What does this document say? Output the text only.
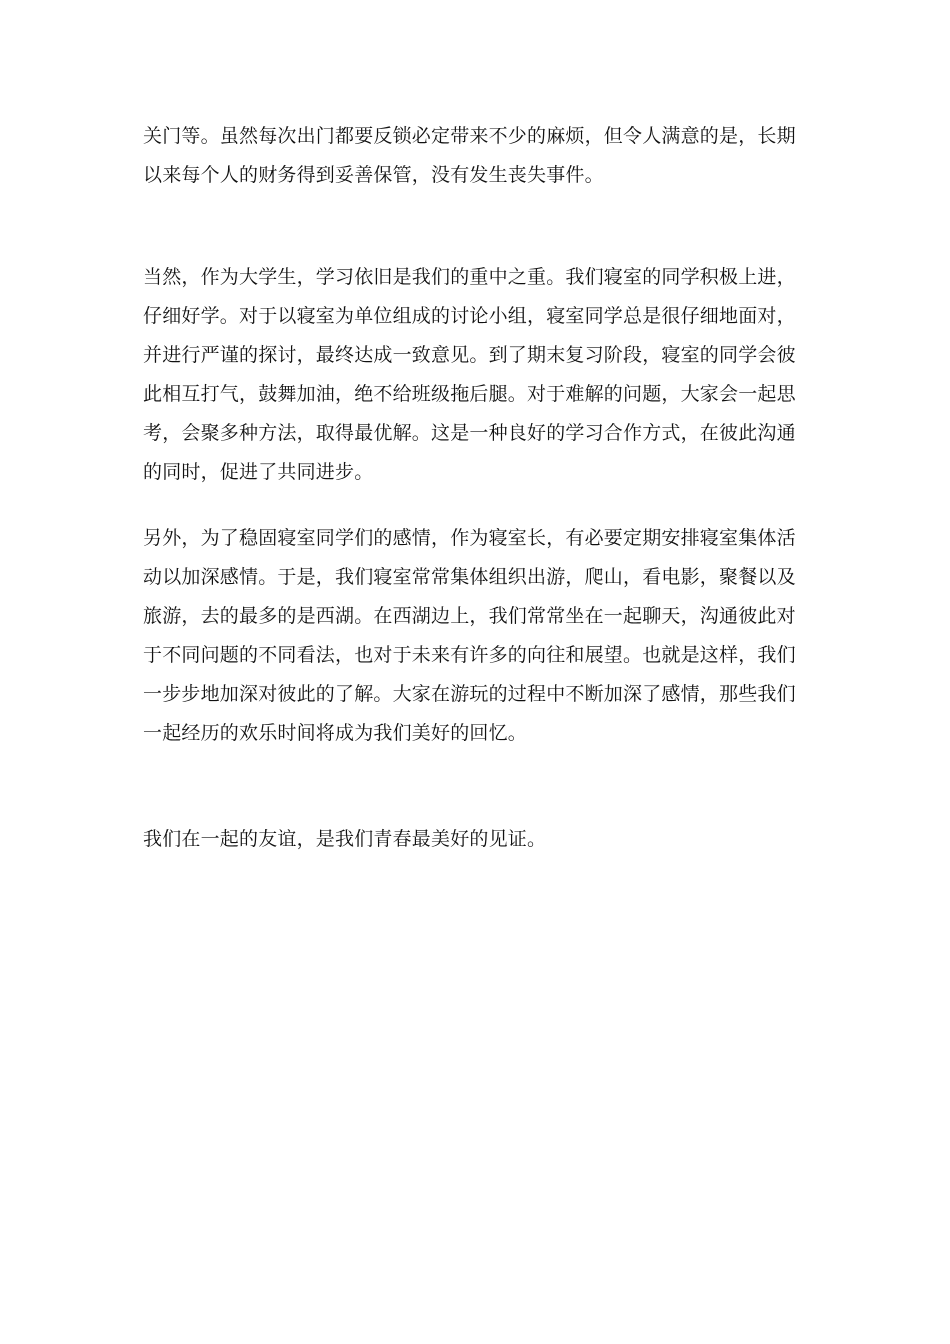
关门等。虽然每次出门都要反锁必定带来不少的麻烦，但令人满意的是，长期
以来每个人的财务得到妥善保管，没有发生丧失事件。

当然，作为大学生，学习依旧是我们的重中之重。我们寝室的同学积极上进，
仔细好学。对于以寝室为单位组成的讨论小组，寝室同学总是很仔细地面对，
并进行严谨的探讨，最终达成一致意见。到了期末复习阶段，寝室的同学会彼
此相互打气，鼓舞加油，绝不给班级拖后腿。对于难解的问题，大家会一起思
考，会聚多种方法，取得最优解。这是一种良好的学习合作方式，在彼此沟通
的同时，促进了共同进步。

另外，为了稳固寝室同学们的感情，作为寝室长，有必要定期安排寝室集体活
动以加深感情。于是，我们寝室常常集体组织出游，爬山，看电影，聚餐以及
旅游，去的最多的是西湖。在西湖边上，我们常常坐在一起聊天，沟通彼此对
于不同问题的不同看法，也对于未来有许多的向往和展望。也就是这样，我们
一步步地加深对彼此的了解。大家在游玩的过程中不断加深了感情，那些我们
一起经历的欢乐时间将成为我们美好的回忆。

我们在一起的友谊，是我们青春最美好的见证。
